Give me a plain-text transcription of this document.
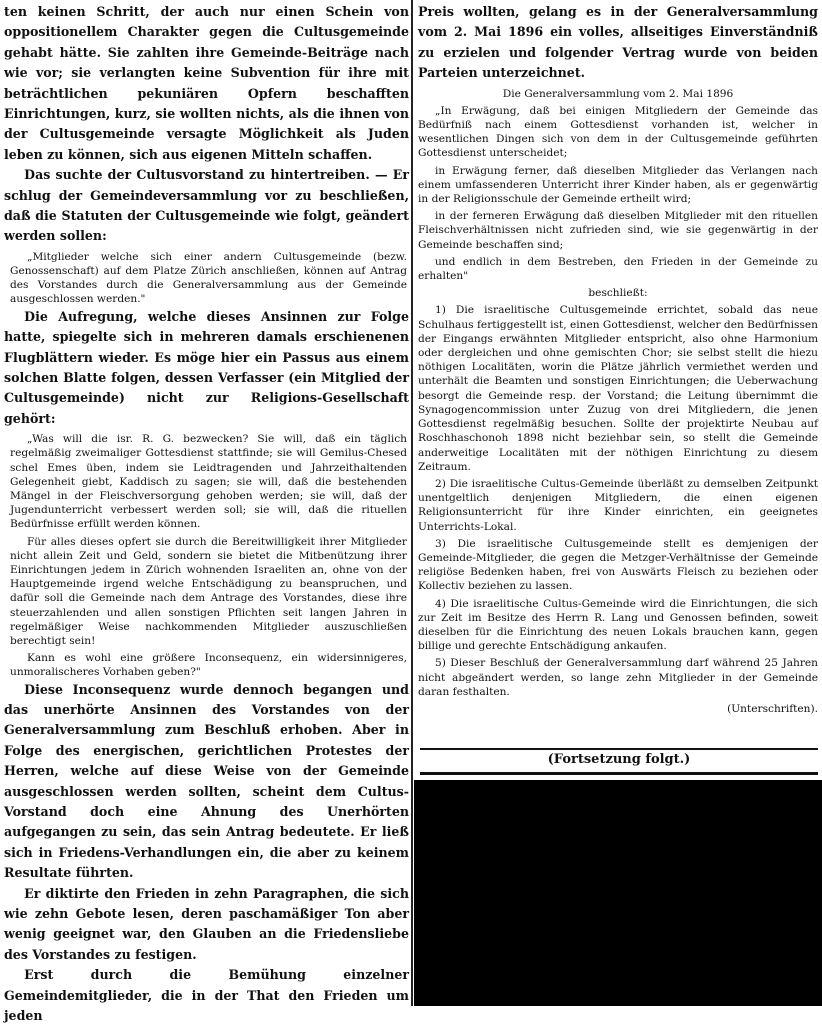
ten keinen Schritt, der auch nur einen Schein von oppositionellem Charakter gegen die Cultusgemeinde gehabt hätte. Sie zahlten ihre Gemeinde-Beiträge nach wie vor; sie verlangten keine Subvention für ihre mit beträchtlichen pekuniären Opfern beschafften Einrichtungen, kurz, sie wollten nichts, als die ihnen von der Cultusgemeinde versagte Möglichkeit als Juden leben zu können, sich aus eigenen Mitteln schaffen.

Das suchte der Cultusvorstand zu hintertreiben. — Er schlug der Gemeindeversammlung vor zu beschließen, daß die Statuten der Cultusgemeinde wie folgt, geändert werden sollen:

„Mitglieder welche sich einer andern Cultusgemeinde (bezw. Genossenschaft) auf dem Platze Zürich anschließen, können auf Antrag des Vorstandes durch die Generalversammlung aus der Gemeinde ausgeschlossen werden."

Die Aufregung, welche dieses Ansinnen zur Folge hatte, spiegelte sich in mehreren damals erschienenen Flugblättern wieder. Es möge hier ein Passus aus einem solchen Blatte folgen, dessen Verfasser (ein Mitglied der Cultusgemeinde) nicht zur Religions-Gesellschaft gehört:

„Was will die isr. R. G. bezwecken? Sie will, daß ein täglich regelmäßig zweimaliger Gottesdienst stattfinde; sie will Gemilus-Chesed schel Emes üben, indem sie Leidtragenden und Jahrzeithaltenden Gelegenheit giebt, Kaddisch zu sagen; sie will, daß die bestehenden Mängel in der Fleischversorgung gehoben werden; sie will, daß der Jugendunterricht verbessert werden soll; sie will, daß die rituellen Bedürfnisse erfüllt werden können.

Für alles dieses opfert sie durch die Bereitwilligkeit ihrer Mitglieder nicht allein Zeit und Geld, sondern sie bietet die Mitbenützung ihrer Einrichtungen jedem in Zürich wohnenden Israeliten an, ohne von der Hauptgemeinde irgend welche Entschädigung zu beanspruchen, und dafür soll die Gemeinde nach dem Antrage des Vorstandes, diese ihre steuerzahlenden und allen sonstigen Pflichten seit langen Jahren in regelmäßiger Weise nachkommenden Mitglieder auszuschließen berechtigt sein!

Kann es wohl eine größere Inconsequenz, ein widersinnigeres, unmoralischeres Vorhaben geben?"

Diese Inconsequenz wurde dennoch begangen und das unerhörte Ansinnen des Vorstandes von der Generalversammlung zum Beschluß erhoben. Aber in Folge des energischen, gerichtlichen Protestes der Herren, welche auf diese Weise von der Gemeinde ausgeschlossen werden sollten, scheint dem Cultus-Vorstand doch eine Ahnung des Unerhörten aufgegangen zu sein, das sein Antrag bedeutete. Er ließ sich in Friedens-Verhandlungen ein, die aber zu keinem Resultate führten.

Er diktirte den Frieden in zehn Paragraphen, die sich wie zehn Gebote lesen, deren paschamäßiger Ton aber wenig geeignet war, den Glauben an die Friedensliebe des Vorstandes zu festigen.

Erst durch die Bemühung einzelner Gemeindemitglieder, die in der That den Frieden um jeden

Preis wollten, gelang es in der Generalversammlung vom 2. Mai 1896 ein volles, allseitiges Einverständniß zu erzielen und folgender Vertrag wurde von beiden Parteien unterzeichnet.

Die Generalversammlung vom 2. Mai 1896

„In Erwägung, daß bei einigen Mitgliedern der Gemeinde das Bedürfniß nach einem Gottesdienst vorhanden ist, welcher in wesentlichen Dingen sich von dem in der Cultusgemeinde geführten Gottesdienst unterscheidet;

in Erwägung ferner, daß dieselben Mitglieder das Verlangen nach einem umfassenderen Unterricht ihrer Kinder haben, als er gegenwärtig in der Religionsschule der Gemeinde ertheilt wird;

in der ferneren Erwägung daß dieselben Mitglieder mit den rituellen Fleischverhältnissen nicht zufrieden sind, wie sie gegenwärtig in der Gemeinde beschaffen sind;

und endlich in dem Bestreben, den Frieden in der Gemeinde zu erhalten"

beschließt:

1) Die israelitische Cultusgemeinde errichtet, sobald das neue Schulhaus fertiggestellt ist, einen Gottesdienst, welcher den Bedürfnissen der Eingangs erwähnten Mitglieder entspricht, also ohne Harmonium oder dergleichen und ohne gemischten Chor; sie selbst stellt die hiezu nöthigen Localitäten, worin die Plätze jährlich vermiethet werden und unterhält die Beamten und sonstigen Einrichtungen; die Ueberwachung besorgt die Gemeinde resp. der Vorstand; die Leitung übernimmt die Synagogencommission unter Zuzug von drei Mitgliedern, die jenen Gottesdienst regelmäßig besuchen. Sollte der projektirte Neubau auf Roschhaschonoh 1898 nicht beziehbar sein, so stellt die Gemeinde anderweitige Localitäten mit der nöthigen Einrichtung zu diesem Zeitraum.

2) Die israelitische Cultus-Gemeinde überläßt zu demselben Zeitpunkt unentgeltlich denjenigen Mitgliedern, die einen eigenen Religionsunterricht für ihre Kinder einrichten, ein geeignetes Unterrichts-Lokal.

3) Die israelitische Cultusgemeinde stellt es demjenigen der Gemeinde-Mitglieder, die gegen die Metzger-Verhältnisse der Gemeinde religiöse Bedenken haben, frei von Auswärts Fleisch zu beziehen oder Kollectiv beziehen zu lassen.

4) Die israelitische Cultus-Gemeinde wird die Einrichtungen, die sich zur Zeit im Besitze des Herrn R. Lang und Genossen befinden, soweit dieselben für die Einrichtung des neuen Lokals brauchen kann, gegen billige und gerechte Entschädigung ankaufen.

5) Dieser Beschluß der Generalversammlung darf während 25 Jahren nicht abgeändert werden, so lange zehn Mitglieder in der Gemeinde daran festhalten.

(Unterschriften).

(Fortsetzung folgt.)
